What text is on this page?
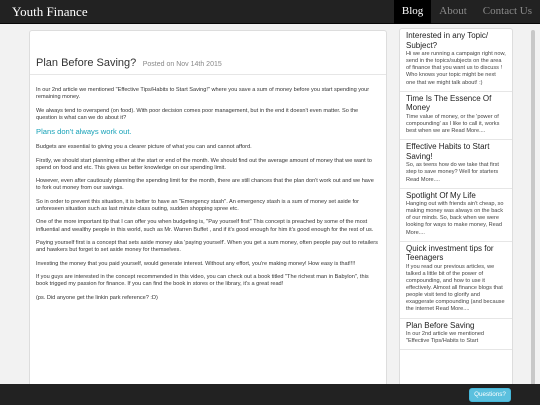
Youth Finance	Blog	About	Contact Us
Plan Before Saving? Posted on Nov 14th 2015

In our 2nd article we mentioned "Effective Tips/Habits to Start Saving!" where you save a sum of money before you start spending your remaining money.

We always tend to overspend (on food). With poor decision comes poor management, but in the end it doesn't even matter. So the question is what can we do about it?

Plans don't always work out.

Budgets are essential to giving you a clearer picture of what you can and cannot afford.

Firstly, we should start planning either at the start or end of the month. We should find out the average amount of money that we want to spend on food and etc. This gives us better knowledge on our spending limit.

However, even after cautiously planning the spending limit for the month, there are still chances that the plan don't work out and we have to fork out money from our savings.

So in order to prevent this situation, it is better to have an "Emergency stash". An emergency stash is a sum of money set aside for unforeseen situation such as last minute class outing, sudden shopping spree etc.

One of the more important tip that I can offer you when budgeting is, "Pay yourself first" This concept is preached by some of the most influential and wealthy people in this world, such as Mr. Warren Buffet , and if it's good enough for him it's good enough for the rest of us.

Paying yourself first is a concept that sets aside money aka 'paying yourself'. When you get a sum money, often people pay out to retailers and hawkers but forget to set aside money for themselves.

Investing the money that you paid yourself, would generate interest. Without any effort, you're making money! How easy is that!!!!

If you guys are interested in the concept recommended in this video, you can check out a book titled "The richest man in Babylon", this book trigged my passion for finance. If you can find the book in stores or the library, it's a great read!

(ps. Did anyone get the linkin park reference? :D)

Interested in any Topic/ Subject?
Hi we are running a campaign right now, send in the topics/subjects on the area of finance that you want us to discuss ! Who knows your topic might be next one that we might talk about! :)
Time Is The Essence Of Money
Time value of money, or the 'power of compounding' as I like to call it, works best when we are Read More....
Effective Habits to Start Saving!
So, as teens how do we take that first step to save money? Well for starters Read More....
Spotlight Of My Life
Hanging out with friends ain't cheap, so making money was always on the back of our minds. So, back when we were looking for ways to make money, Read More....
Quick investment tips for Teenagers
If you read our previous articles, we talked a little bit of the power of compounding, and how to use it effectively. Almost all finance blogs that people visit tend to glorify and exaggerate compounding (and because the internet Read More....
Plan Before Saving
In our 2nd article we mentioned "Effective Tips/Habits to Start
Questions?
